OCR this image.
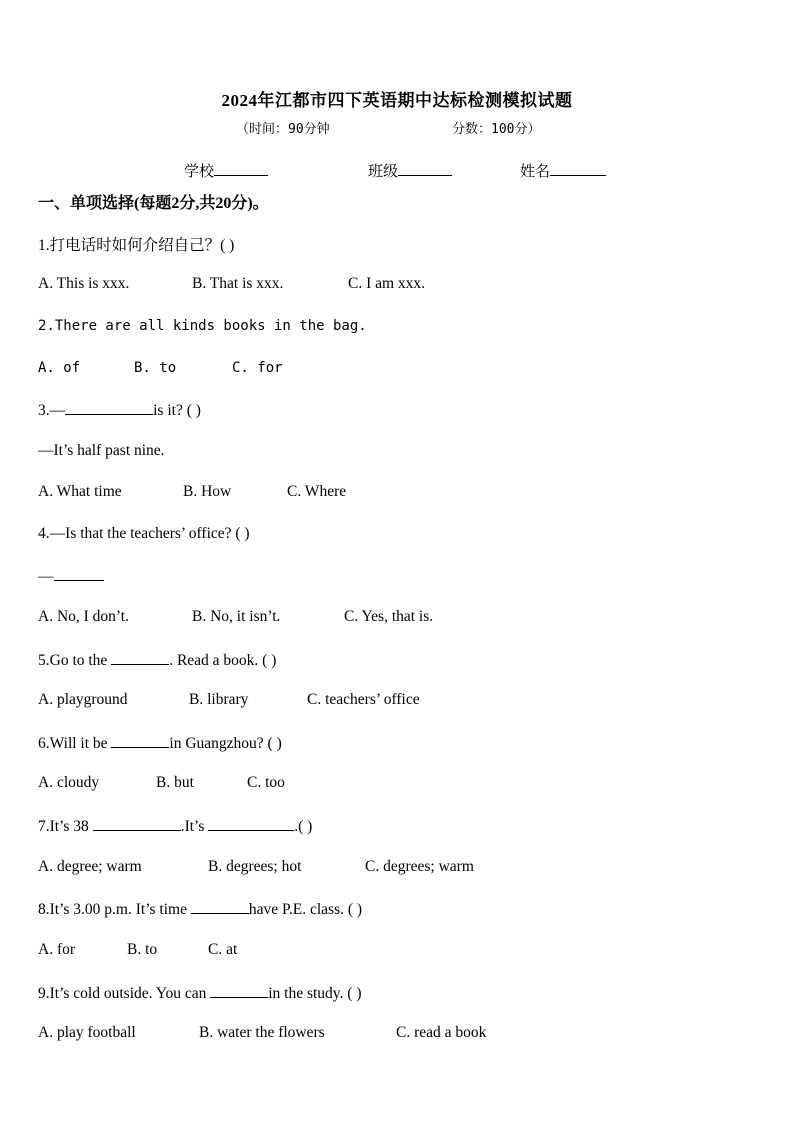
2024年江都市四下英语期中达标检测模拟试题
（时间：90分钟	分数：100分）
学校	班级	姓名
一、单项选择(每题2分,共20分)。
1.打电话时如何介绍自己？( )
A. This is xxx.	B. That is xxx.	C. I am xxx.
2.There are all kinds books in the bag.
A. of	B. to	C. for
3.—	is it? ( )
—It’s half past nine.
A. What time	B. How	C. Where
4.—Is that the teachers’ office? ( )
—
A. No, I don’t.	B. No, it isn’t.	C. Yes, that is.
5.Go to the	. Read a book. ( )
A. playground	B. library	C. teachers’ office
6.Will it be	in Guangzhou? ( )
A. cloudy	B. but	C. too
7.It’s 38	.It’s	.( )
A. degree; warm	B. degrees; hot	C. degrees; warm
8.It’s 3.00 p.m. It’s time	have P.E. class. ( )
A. for	B. to	C. at
9.It’s cold outside. You can	in the study. ( )
A. play football	B. water the flowers	C. read a book
